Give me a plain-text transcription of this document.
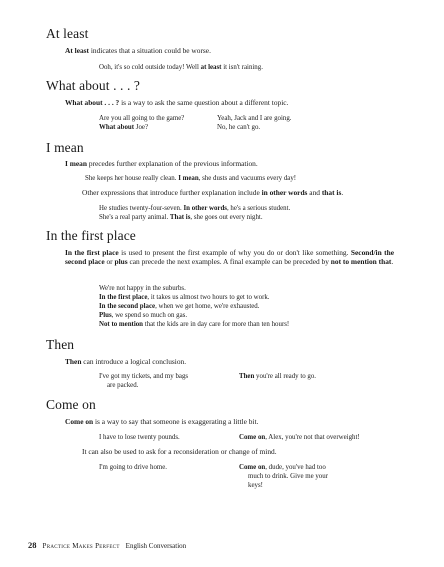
At least

At least indicates that a situation could be worse.

Ooh, it's so cold outside today! Well at least it isn't raining.

What about . . . ?

What about . . . ? is a way to ask the same question about a different topic.

Are you all going to the game?

What about Joe?

Yeah, Jack and I are going.

No, he can't go.

I mean

I mean precedes further explanation of the previous information.

She keeps her house really clean. I mean, she dusts and vacuums every day!

Other expressions that introduce further explanation include in other words and that is.

He studies twenty-four-seven. In other words, he's a serious student.

She's a real party animal. That is, she goes out every night.

In the first place

In the first place is used to present the first example of why you do or don't like something. Second/in the second place or plus can precede the next examples. A final example can be preceded by not to mention that.

We're not happy in the suburbs.

In the first place, it takes us almost two hours to get to work.

In the second place, when we get home, we're exhausted.

Plus, we spend so much on gas.

Not to mention that the kids are in day care for more than ten hours!

Then

Then can introduce a logical conclusion.

I've got my tickets, and my bags

are packed.

Then you're all ready to go.

Come on

Come on is a way to say that someone is exaggerating a little bit.

I have to lose twenty pounds.	Come on, Alex, you're not that overweight!

It can also be used to ask for a reconsideration or change of mind.

I'm going to drive home.	Come on, dude, you've had too

much to drink. Give me your

keys!

28 Practice Makes Perfect English Conversation
